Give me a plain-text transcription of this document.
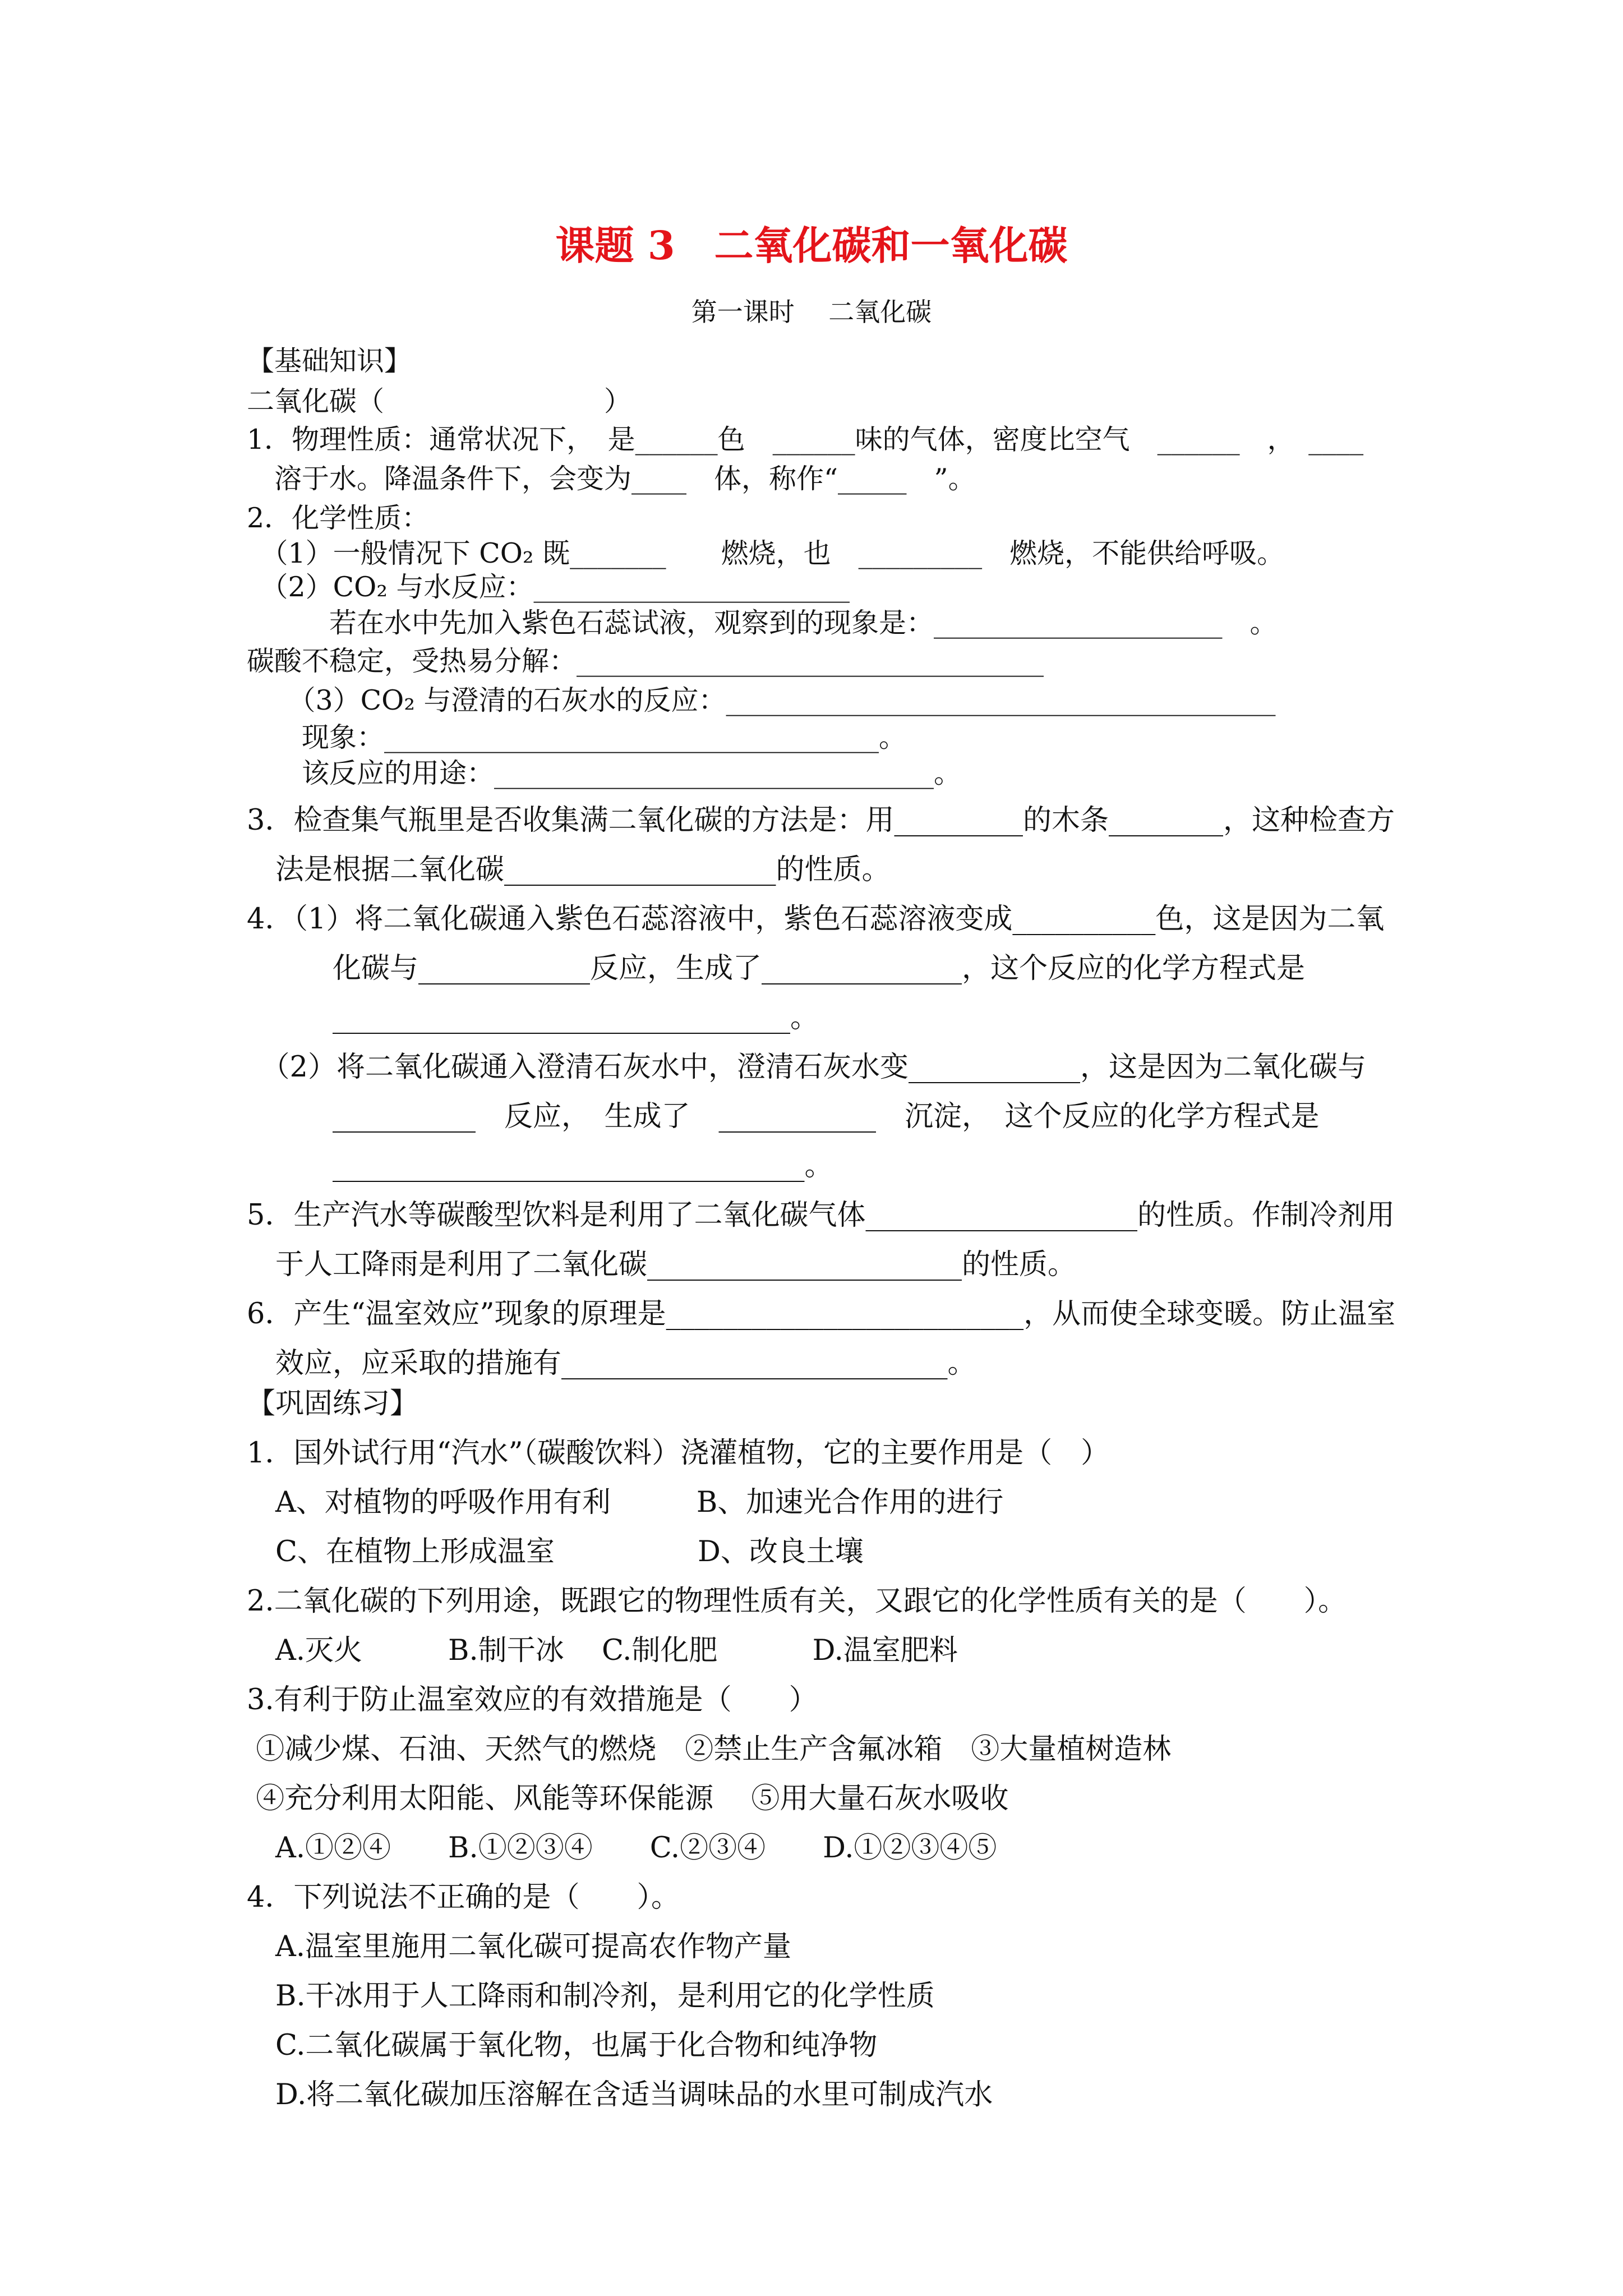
课题 3　二氧化碳和一氧化碳
第一课时　 二氧化碳
【基础知识】
二氧化碳（　　　　　　　　）
1．物理性质：通常状况下，　是______色　______味的气体，密度比空气　______　，　____
　溶于水。降温条件下，会变为____　体，称作“_____　”。
2．化学性质：
　（1）一般情况下 CO₂ 既_______　　燃烧，也　_________　燃烧，不能供给呼吸。
　（2）CO₂ 与水反应：_______________________
　　　若在水中先加入紫色石蕊试液，观察到的现象是：_____________________　。
碳酸不稳定，受热易分解：__________________________________
　　（3）CO₂ 与澄清的石灰水的反应：________________________________________
　　现象：____________________________________。
　　该反应的用途：________________________________。
3．检查集气瓶里是否收集满二氧化碳的方法是：用_________的木条________，这种检查方
　法是根据二氧化碳___________________的性质。
4．（1）将二氧化碳通入紫色石蕊溶液中，紫色石蕊溶液变成__________色，这是因为二氧
　　　化碳与____________反应，生成了______________，这个反应的化学方程式是
　　　________________________________。
　（2）将二氧化碳通入澄清石灰水中，澄清石灰水变____________，这是因为二氧化碳与
　　　__________　反应，　生成了　___________　沉淀，　这个反应的化学方程式是
　　　_________________________________。
5．生产汽水等碳酸型饮料是利用了二氧化碳气体___________________的性质。作制冷剂用
　于人工降雨是利用了二氧化碳______________________的性质。
6．产生“温室效应”现象的原理是_________________________，从而使全球变暖。防止温室
　效应，应采取的措施有___________________________。
【巩固练习】
1．国外试行用“汽水”（碳酸饮料）浇灌植物，它的主要作用是（　）
　A、对植物的呼吸作用有利　　　B、加速光合作用的进行
　C、在植物上形成温室　　　　　D、改良土壤
2.二氧化碳的下列用途，既跟它的物理性质有关，又跟它的化学性质有关的是（　　）。
　A.灭火　　　B.制干冰　 C.制化肥　　　 D.温室肥料
3.有利于防止温室效应的有效措施是（　　）
①减少煤、石油、天然气的燃烧　②禁止生产含氟冰箱　③大量植树造林
④充分利用太阳能、风能等环保能源　 ⑤用大量石灰水吸收
　A.①②④　　B.①②③④　　C.②③④　　D.①②③④⑤
4．下列说法不正确的是（　　）。
　A.温室里施用二氧化碳可提高农作物产量
　B.干冰用于人工降雨和制冷剂，是利用它的化学性质
　C.二氧化碳属于氧化物，也属于化合物和纯净物
　D.将二氧化碳加压溶解在含适当调味品的水里可制成汽水
